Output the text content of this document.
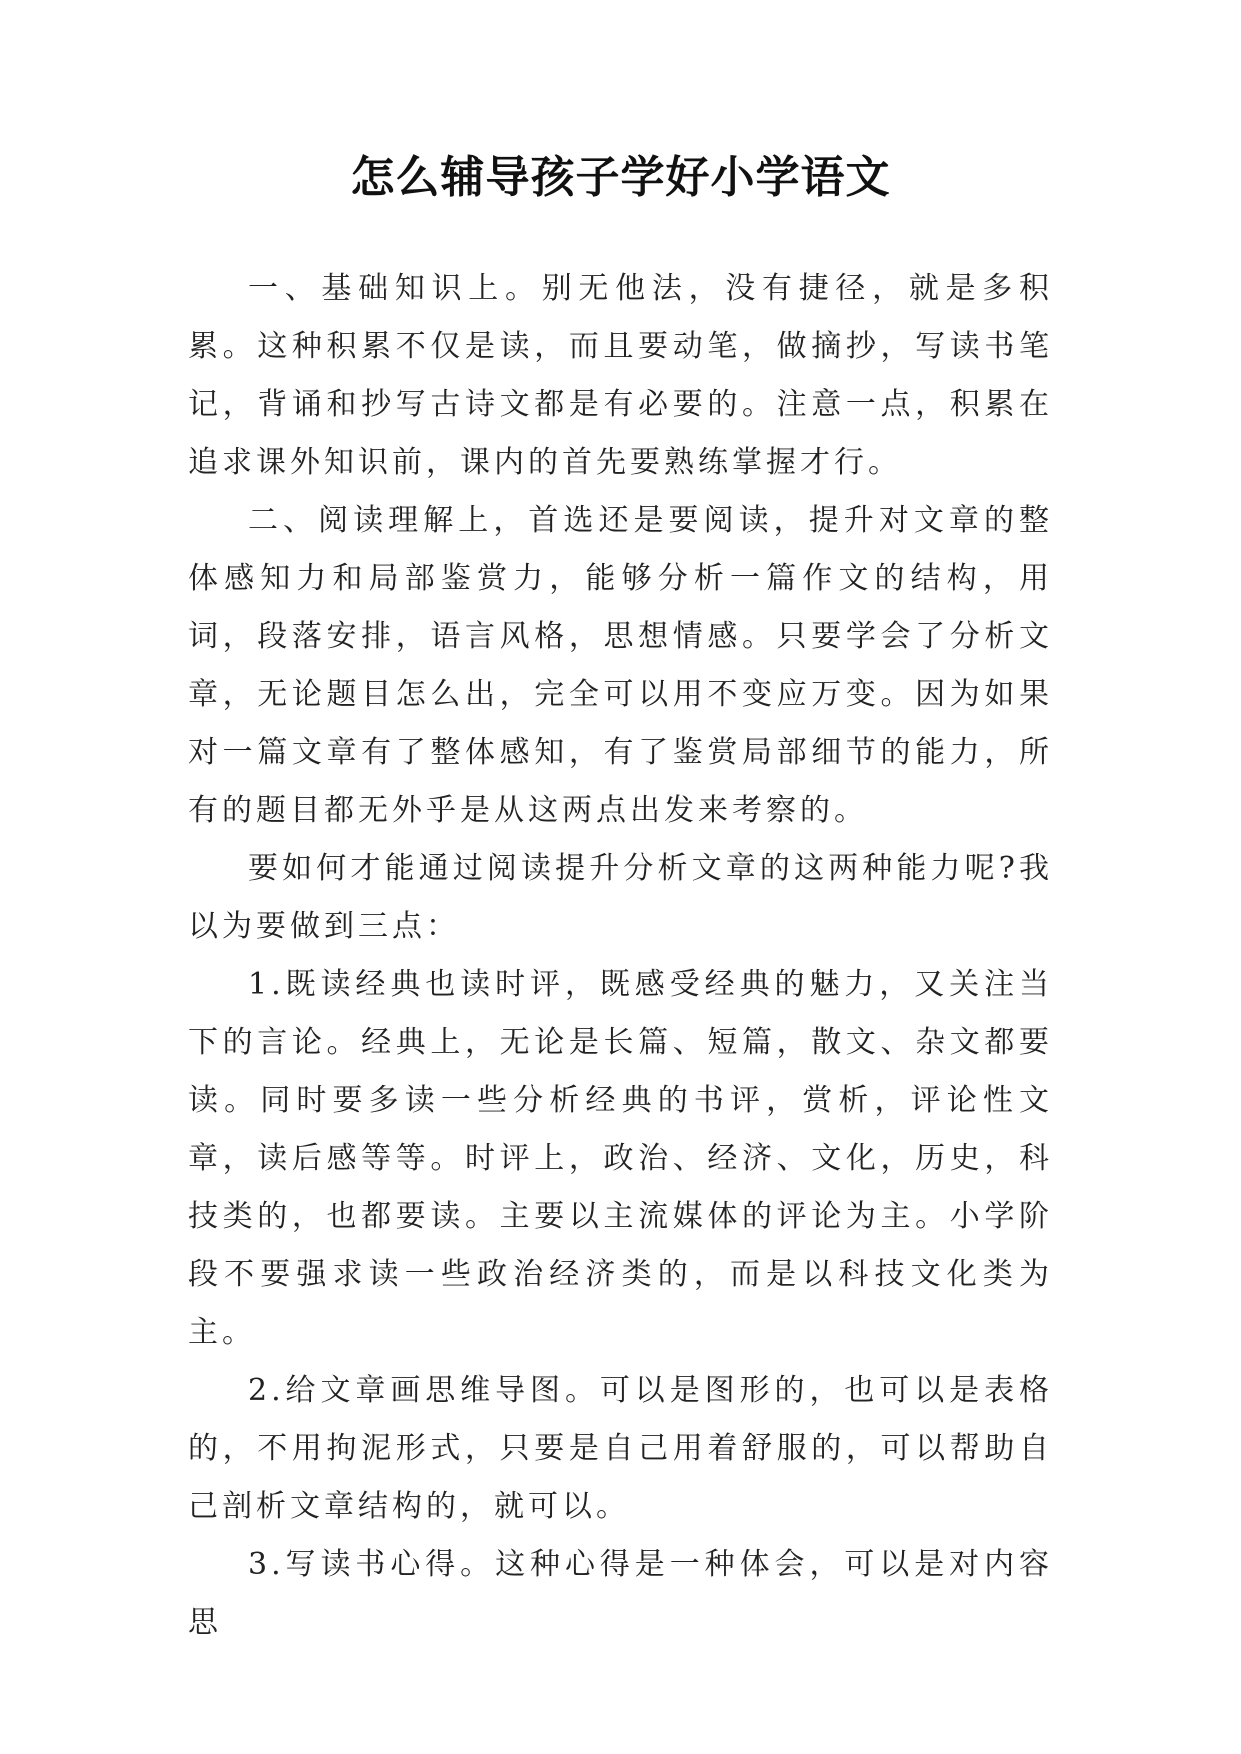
怎么辅导孩子学好小学语文

一、基础知识上。别无他法，没有捷径，就是多积累。这种积累不仅是读，而且要动笔，做摘抄，写读书笔记，背诵和抄写古诗文都是有必要的。注意一点，积累在追求课外知识前，课内的首先要熟练掌握才行。

二、阅读理解上，首选还是要阅读，提升对文章的整体感知力和局部鉴赏力，能够分析一篇作文的结构，用词，段落安排，语言风格，思想情感。只要学会了分析文章，无论题目怎么出，完全可以用不变应万变。因为如果对一篇文章有了整体感知，有了鉴赏局部细节的能力，所有的题目都无外乎是从这两点出发来考察的。

要如何才能通过阅读提升分析文章的这两种能力呢?我以为要做到三点：

1.既读经典也读时评，既感受经典的魅力，又关注当下的言论。经典上，无论是长篇、短篇，散文、杂文都要读。同时要多读一些分析经典的书评，赏析，评论性文章，读后感等等。时评上，政治、经济、文化，历史，科技类的，也都要读。主要以主流媒体的评论为主。小学阶段不要强求读一些政治经济类的，而是以科技文化类为主。

2.给文章画思维导图。可以是图形的，也可以是表格的，不用拘泥形式，只要是自己用着舒服的，可以帮助自己剖析文章结构的，就可以。

3.写读书心得。这种心得是一种体会，可以是对内容思
